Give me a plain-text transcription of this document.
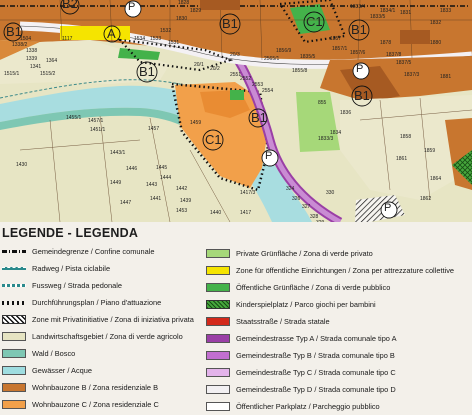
B1
B1
B1	B1
B1
B1
C1
C1
A
B2	P
P
P
P
1515/1	1515/2
1457
1457/1
1455/1
1451/1
1430
1446	1445
1444
1443
1442
1453
1441
1440
1439
1443/1
1449
1447
1459
1417
1857
1857/6
1858
1859
1861
1864
1862
855
2551
2552
2553
2554
1833/3
1836
1834
324
326
327
328
330
1417/3
1880
1881
1878
1837/8
1837/5
1837/3
1835/5
1856/9	1857/1
2565/1
1855/8
1828
1829
1830
1831
1832
1833
1834/1
1833/4
1833/5
1338
1339 1364
1341
1338/2
1117	1534 1533
1532
1531
1504
20/1
20/2
20/3
LEGENDE - LEGENDA
Gemeindegrenze / Confine comunale
Radweg / Pista ciclabile
Fussweg / Strada pedonale
Durchführungsplan / Piano d'attuazione
Zone mit Privatinitiative / Zona di iniziativa privata
Landwirtschaftsgebiet / Zona di verde agricolo
Wald / Bosco
Gewässer / Acque
Wohnbauzone B / Zona residenziale B
Wohnbauzone C / Zona residenziale C
Private Grünfläche / Zona di verde privato
Zone für öffentliche Einrichtungen / Zona per attrezzature collettive
Öffentliche Grünfläche / Zona di verde pubblico
Kinderspielplatz / Parco giochi per bambini
Staatsstraße / Strada statale
Gemeindestrasse Typ A / Strada comunale tipo A
Gemeindestraße Typ B / Strada comunale tipo B
Gemeindestraße Typ C / Strada comunale tipo C
Gemeindestraße Typ D / Strada comunale tipo D
Öffentlicher Parkplatz / Parcheggio pubblico
